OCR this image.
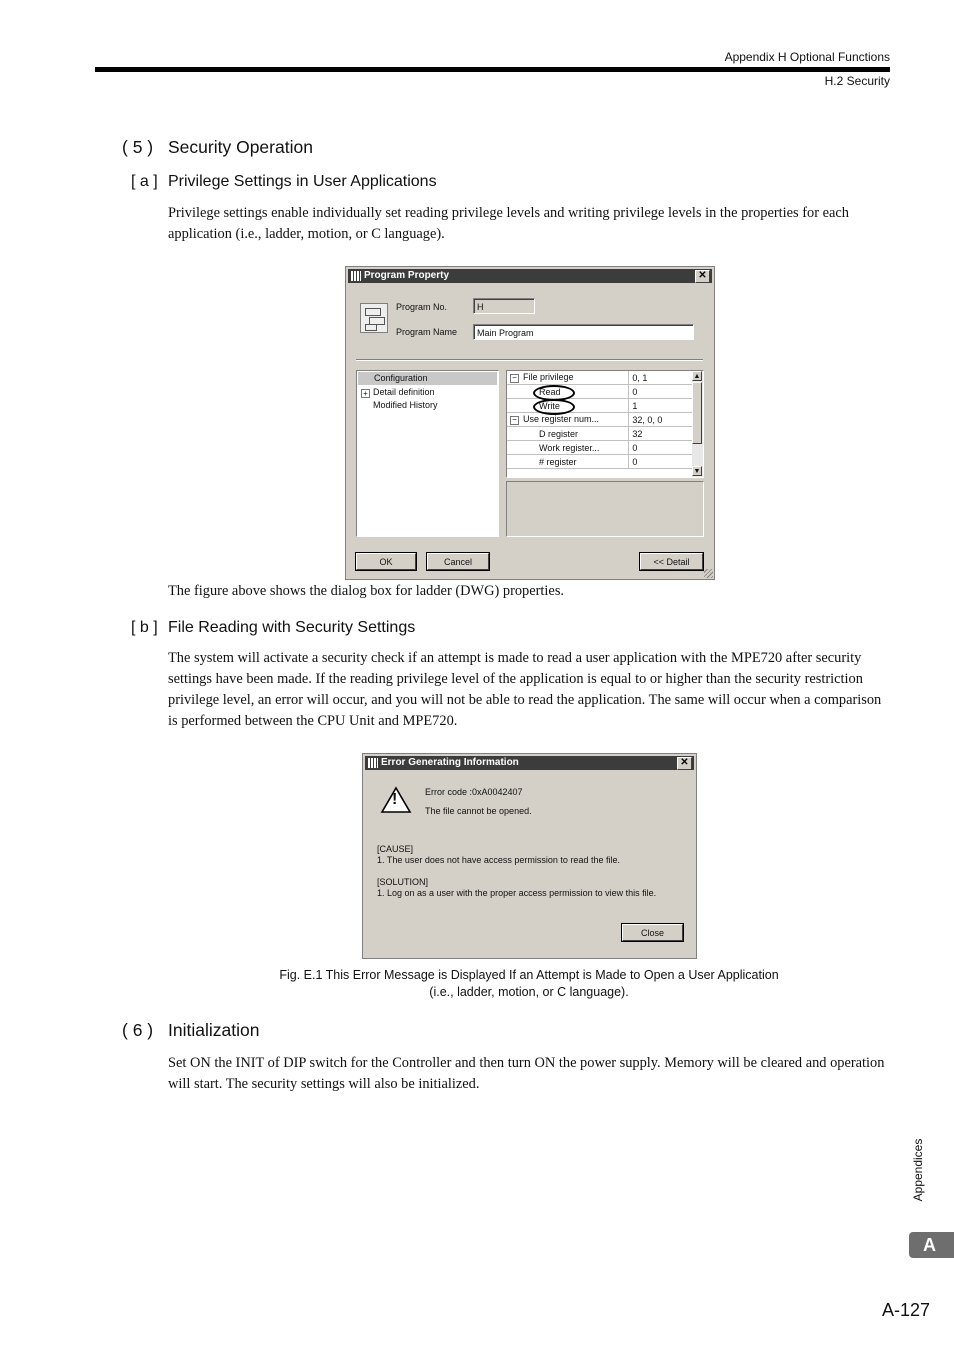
Appendix H Optional Functions
H.2 Security
( 5 ) Security Operation
[ a ] Privilege Settings in User Applications

Privilege settings enable individually set reading privilege levels and writing privilege levels in the properties for each application (i.e., ladder, motion, or C language).

Program Property	✕
Program No.	H
Program Name	Main Program
Configuration
+ Detail definition
Modified History
− File privilege	0, 1
Read	0
Write	1
− Use register num...	32, 0, 0
D register	32
Work register...	0
# register	0
▲
▼
OK	Cancel	<< Detail

The figure above shows the dialog box for ladder (DWG) properties.

[ b ] File Reading with Security Settings

The system will activate a security check if an attempt is made to read a user application with the MPE720 after security settings have been made. If the reading privilege level of the application is equal to or higher than the security restriction privilege level, an error will occur, and you will not be able to read the application. The same will occur when a comparison is performed between the CPU Unit and MPE720.

Error Generating Information	✕
!	Error code :0xA0042407
The file cannot be opened.
[CAUSE]
1. The user does not have access permission to read the file.
[SOLUTION]
1. Log on as a user with the proper access permission to view this file.
Close
Fig. E.1 This Error Message is Displayed If an Attempt is Made to Open a User Application
(i.e., ladder, motion, or C language).
( 6 ) Initialization

Set ON the INIT of DIP switch for the Controller and then turn ON the power supply. Memory will be cleared and operation will start. The security settings will also be initialized.

Appendices
A
A-127
